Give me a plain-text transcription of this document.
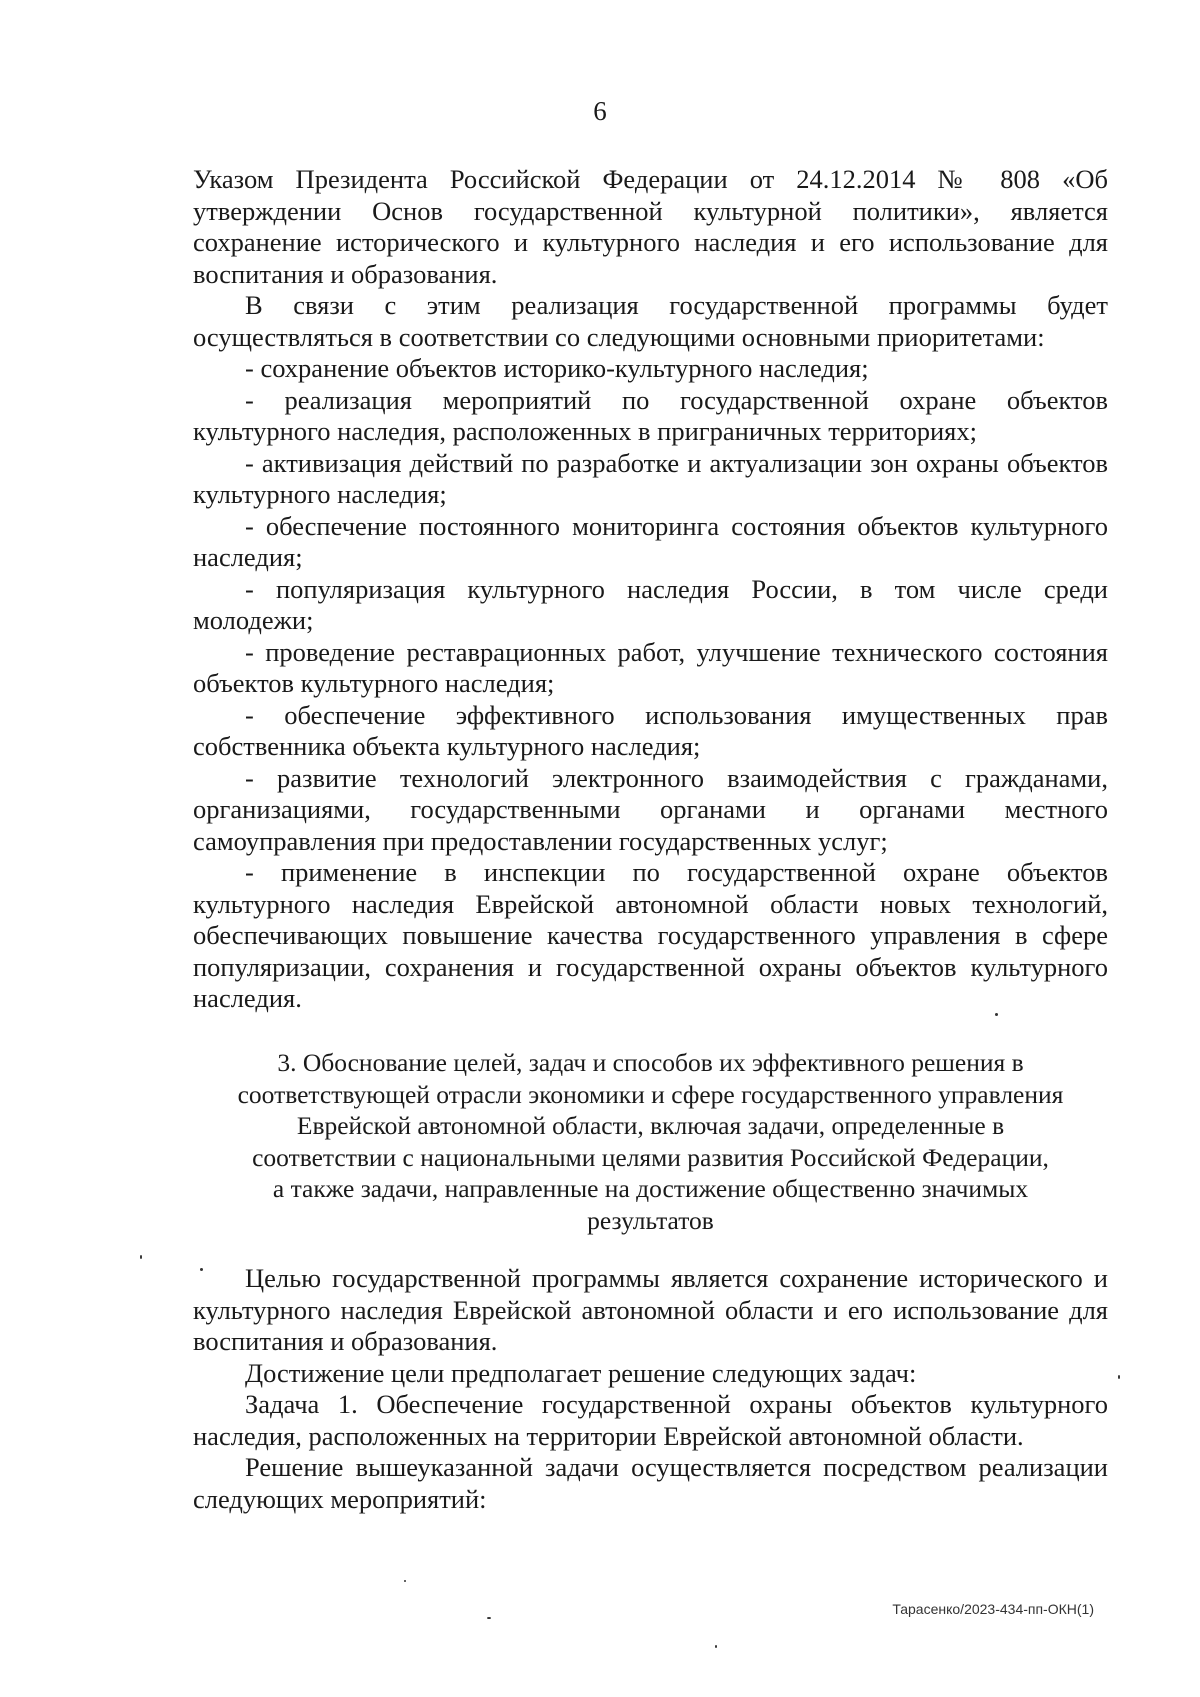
6

Указом Президента Российской Федерации от 24.12.2014 № 808 «Об утверждении Основ государственной культурной политики», является сохранение исторического и культурного наследия и его использование для воспитания и образования.

В связи с этим реализация государственной программы будет осуществляться в соответствии со следующими основными приоритетами:

- сохранение объектов историко-культурного наследия;

- реализация мероприятий по государственной охране объектов культурного наследия, расположенных в приграничных территориях;

- активизация действий по разработке и актуализации зон охраны объектов культурного наследия;

- обеспечение постоянного мониторинга состояния объектов культурного наследия;

- популяризация культурного наследия России, в том числе среди молодежи;

- проведение реставрационных работ, улучшение технического состояния объектов культурного наследия;

- обеспечение эффективного использования имущественных прав собственника объекта культурного наследия;

- развитие технологий электронного взаимодействия с гражданами, организациями, государственными органами и органами местного самоуправления при предоставлении государственных услуг;

- применение в инспекции по государственной охране объектов культурного наследия Еврейской автономной области новых технологий, обеспечивающих повышение качества государственного управления в сфере популяризации, сохранения и государственной охраны объектов культурного наследия.

3. Обоснование целей, задач и способов их эффективного решения в
соответствующей отрасли экономики и сфере государственного управления
Еврейской автономной области, включая задачи, определенные в
соответствии с национальными целями развития Российской Федерации,
а также задачи, направленные на достижение общественно значимых
результатов

Целью государственной программы является сохранение исторического и культурного наследия Еврейской автономной области и его использование для воспитания и образования.

Достижение цели предполагает решение следующих задач:

Задача 1. Обеспечение государственной охраны объектов культурного наследия, расположенных на территории Еврейской автономной области.

Решение вышеуказанной задачи осуществляется посредством реализации следующих мероприятий:

Тарасенко/2023-434-пп-ОКН(1)
